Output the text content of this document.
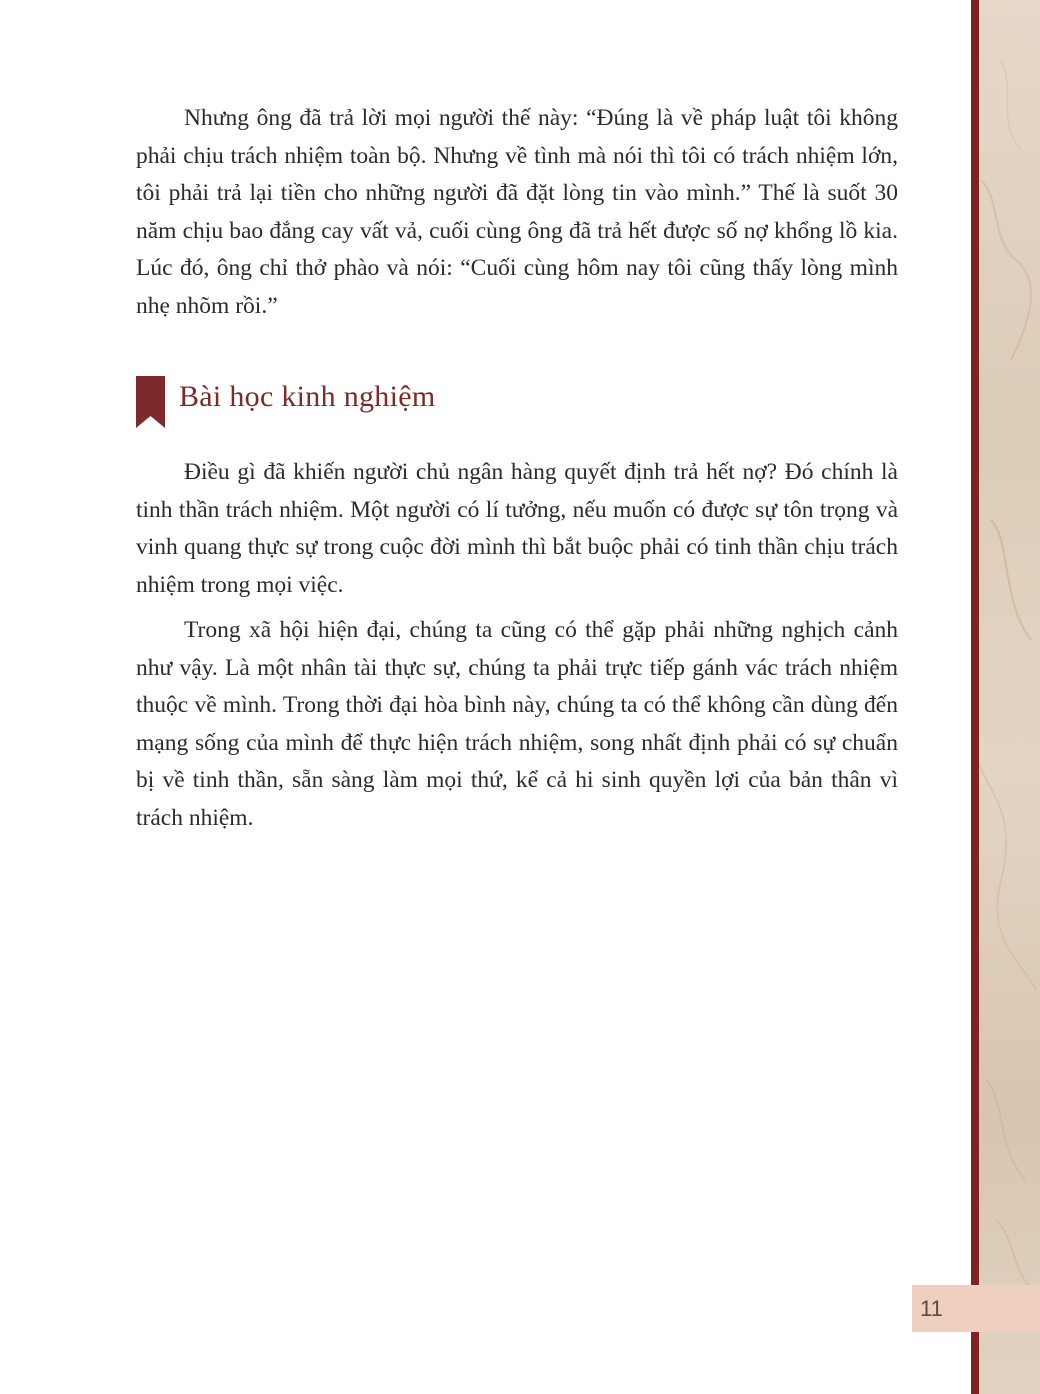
11

Nhưng ông đã trả lời mọi người thế này: “Đúng là về pháp luật tôi không phải chịu trách nhiệm toàn bộ. Nhưng về tình mà nói thì tôi có trách nhiệm lớn, tôi phải trả lại tiền cho những người đã đặt lòng tin vào mình.” Thế là suốt 30 năm chịu bao đắng cay vất vả, cuối cùng ông đã trả hết được số nợ khổng lồ kia. Lúc đó, ông chỉ thở phào và nói: “Cuối cùng hôm nay tôi cũng thấy lòng mình nhẹ nhõm rồi.”

Bài học kinh nghiệm

Điều gì đã khiến người chủ ngân hàng quyết định trả hết nợ? Đó chính là tinh thần trách nhiệm. Một người có lí tưởng, nếu muốn có được sự tôn trọng và vinh quang thực sự trong cuộc đời mình thì bắt buộc phải có tinh thần chịu trách nhiệm trong mọi việc.

Trong xã hội hiện đại, chúng ta cũng có thể gặp phải những nghịch cảnh như vậy. Là một nhân tài thực sự, chúng ta phải trực tiếp gánh vác trách nhiệm thuộc về mình. Trong thời đại hòa bình này, chúng ta có thể không cần dùng đến mạng sống của mình để thực hiện trách nhiệm, song nhất định phải có sự chuẩn bị về tinh thần, sẵn sàng làm mọi thứ, kể cả hi sinh quyền lợi của bản thân vì trách nhiệm.
